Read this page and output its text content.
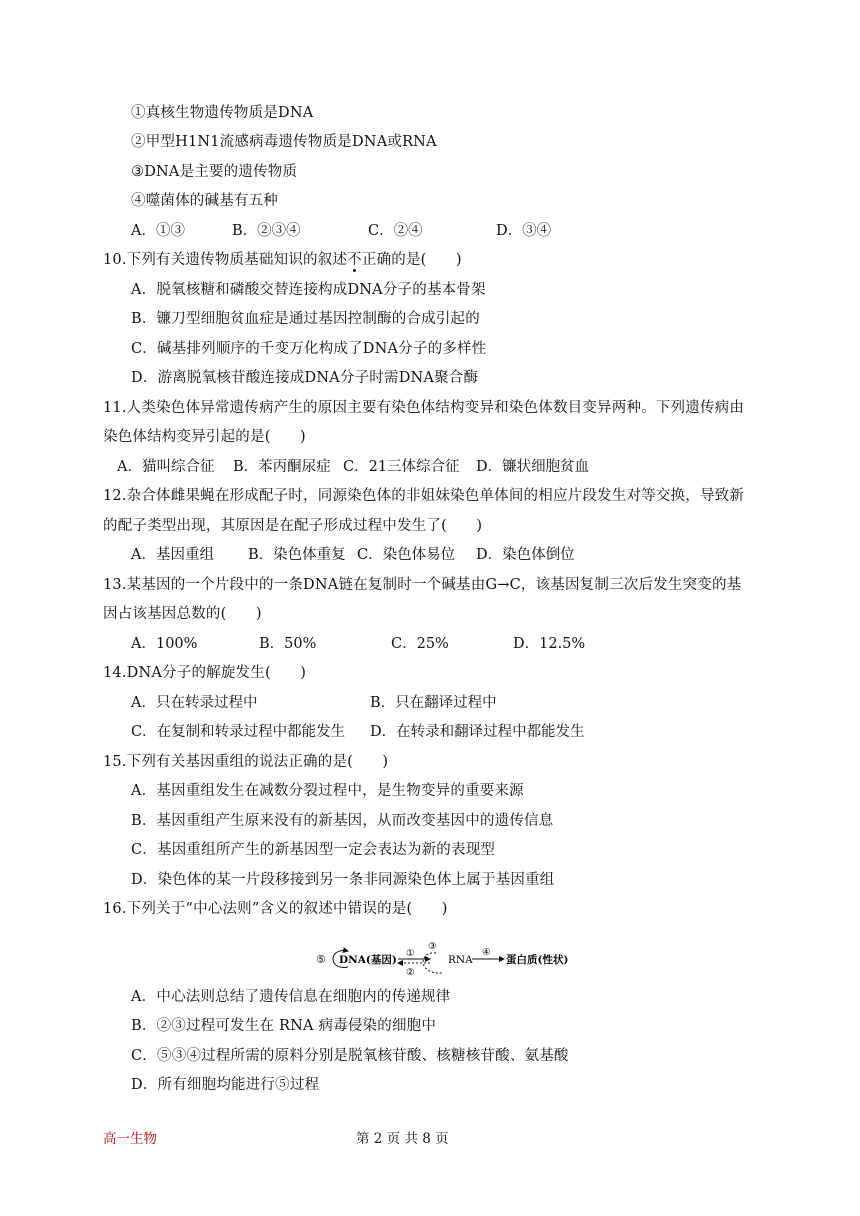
①真核生物遗传物质是DNA
②甲型H1N1流感病毒遗传物质是DNA或RNA
③DNA是主要的遗传物质
④噬菌体的碱基有五种
A．①③	B．②③④	C．②④	D．③④
10.下列有关遗传物质基础知识的叙述不正确的是(　　)
A．脱氧核糖和磷酸交替连接构成DNA分子的基本骨架
B．镰刀型细胞贫血症是通过基因控制酶的合成引起的
C．碱基排列顺序的千变万化构成了DNA分子的多样性
D．游离脱氧核苷酸连接成DNA分子时需DNA聚合酶
11.人类染色体异常遗传病产生的原因主要有染色体结构变异和染色体数目变异两种。下列遗传病由
染色体结构变异引起的是(　　)
A．猫叫综合征 B．苯丙酮尿症 C．21三体综合征 D．镰状细胞贫血
12.杂合体雌果蝇在形成配子时，同源染色体的非姐妹染色单体间的相应片段发生对等交换，导致新
的配子类型出现，其原因是在配子形成过程中发生了(　　)
A．基因重组 B．染色体重复 C．染色体易位 D．染色体倒位
13.某基因的一个片段中的一条DNA链在复制时一个碱基由G→C，该基因复制三次后发生突变的基
因占该基因总数的(　　)
A．100%	B．50%	C．25%	D．12.5%
14.DNA分子的解旋发生(　　)
A．只在转录过程中	B．只在翻译过程中
C．在复制和转录过程中都能发生 D．在转录和翻译过程中都能发生
15.下列有关基因重组的说法正确的是(　　)
A．基因重组发生在减数分裂过程中，是生物变异的重要来源
B．基因重组产生原来没有的新基因，从而改变基因中的遗传信息
C．基因重组所产生的新基因型一定会表达为新的表现型
D．染色体的某一片段移接到另一条非同源染色体上属于基因重组
16.下列关于“中心法则”含义的叙述中错误的是(　　)
⑤ DNA(基因)
①
②
③
RNA
④
蛋白质(性状)
A．中心法则总结了遗传信息在细胞内的传递规律
B．②③过程可发生在 RNA 病毒侵染的细胞中
C．⑤③④过程所需的原料分别是脱氧核苷酸、核糖核苷酸、氨基酸
D．所有细胞均能进行⑤过程
高一生物	第 2 页 共 8 页
